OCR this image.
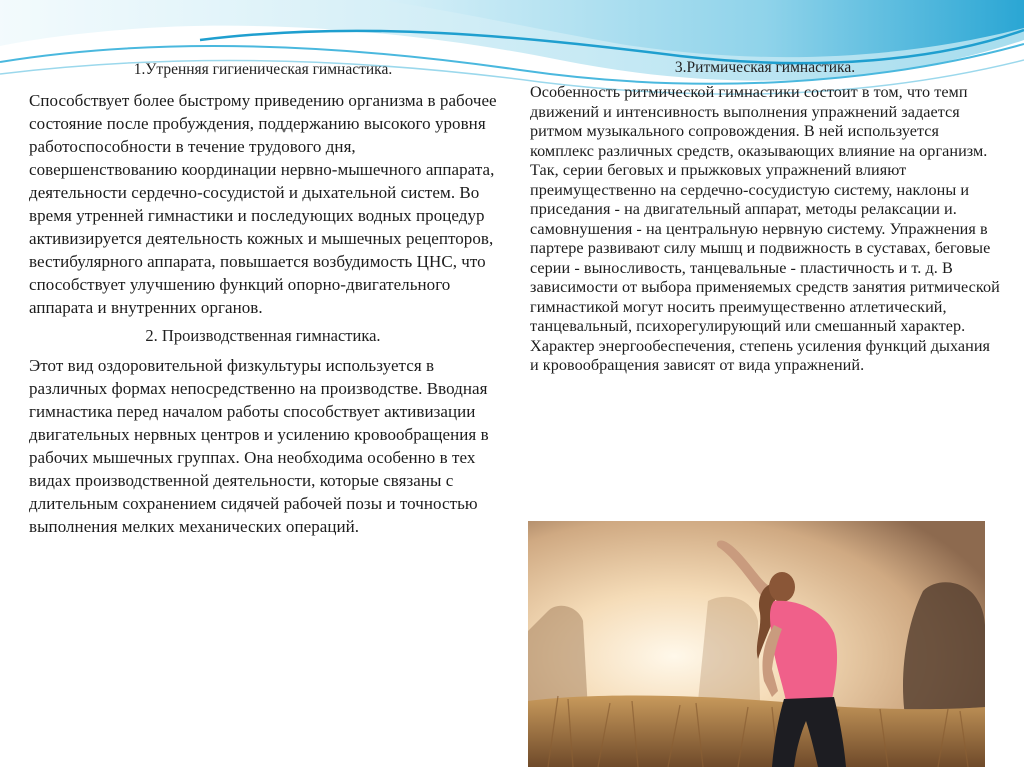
1.Утренняя гигиеническая гимнастика.

Способствует более быстрому приведению организма в рабочее состояние после пробуждения, поддержанию высокого уровня работоспособности в течение трудового дня, совершенствованию координации нервно-мышечного аппарата, деятельности сердечно-сосудистой и дыхательной систем. Во время утренней гимнастики и последующих водных процедур активизируется деятельность кожных и мышечных рецепторов, вестибулярного аппарата, повышается возбудимость ЦНС, что способствует улучшению функций опорно-двигательного аппарата и внутренних органов.

2. Производственная гимнастика.

Этот вид оздоровительной физкультуры используется в различных формах непосредственно на производстве. Вводная гимнастика перед началом работы способствует активизации двигательных нервных центров и усилению кровообращения в рабочих мышечных группах. Она необходима особенно в тех видах производственной деятельности, которые связаны с длительным сохранением сидячей рабочей позы и точностью выполнения мелких механических операций.

3.Ритмическая гимнастика.

Особенность ритмической гимнастики состоит в том, что темп движений и интенсивность выполнения упражнений задается ритмом музыкального сопровождения. В ней используется комплекс различных средств, оказывающих влияние на организм. Так, серии беговых и прыжковых упражнений влияют преимущественно на сердечно-сосудистую систему, наклоны и приседания - на двигательный аппарат, методы релаксации и. самовнушения - на центральную нервную систему. Упражнения в партере развивают силу мышц и подвижность в суставах, беговые серии - выносливость, танцевальные - пластичность и т. д. В зависимости от выбора применяемых средств занятия ритмической гимнастикой могут носить преимущественно атлетический, танцевальный, психорегулирующий или смешанный характер. Характер энергообеспечения, степень усиления функций дыхания и кровообращения зависят от вида упражнений.
